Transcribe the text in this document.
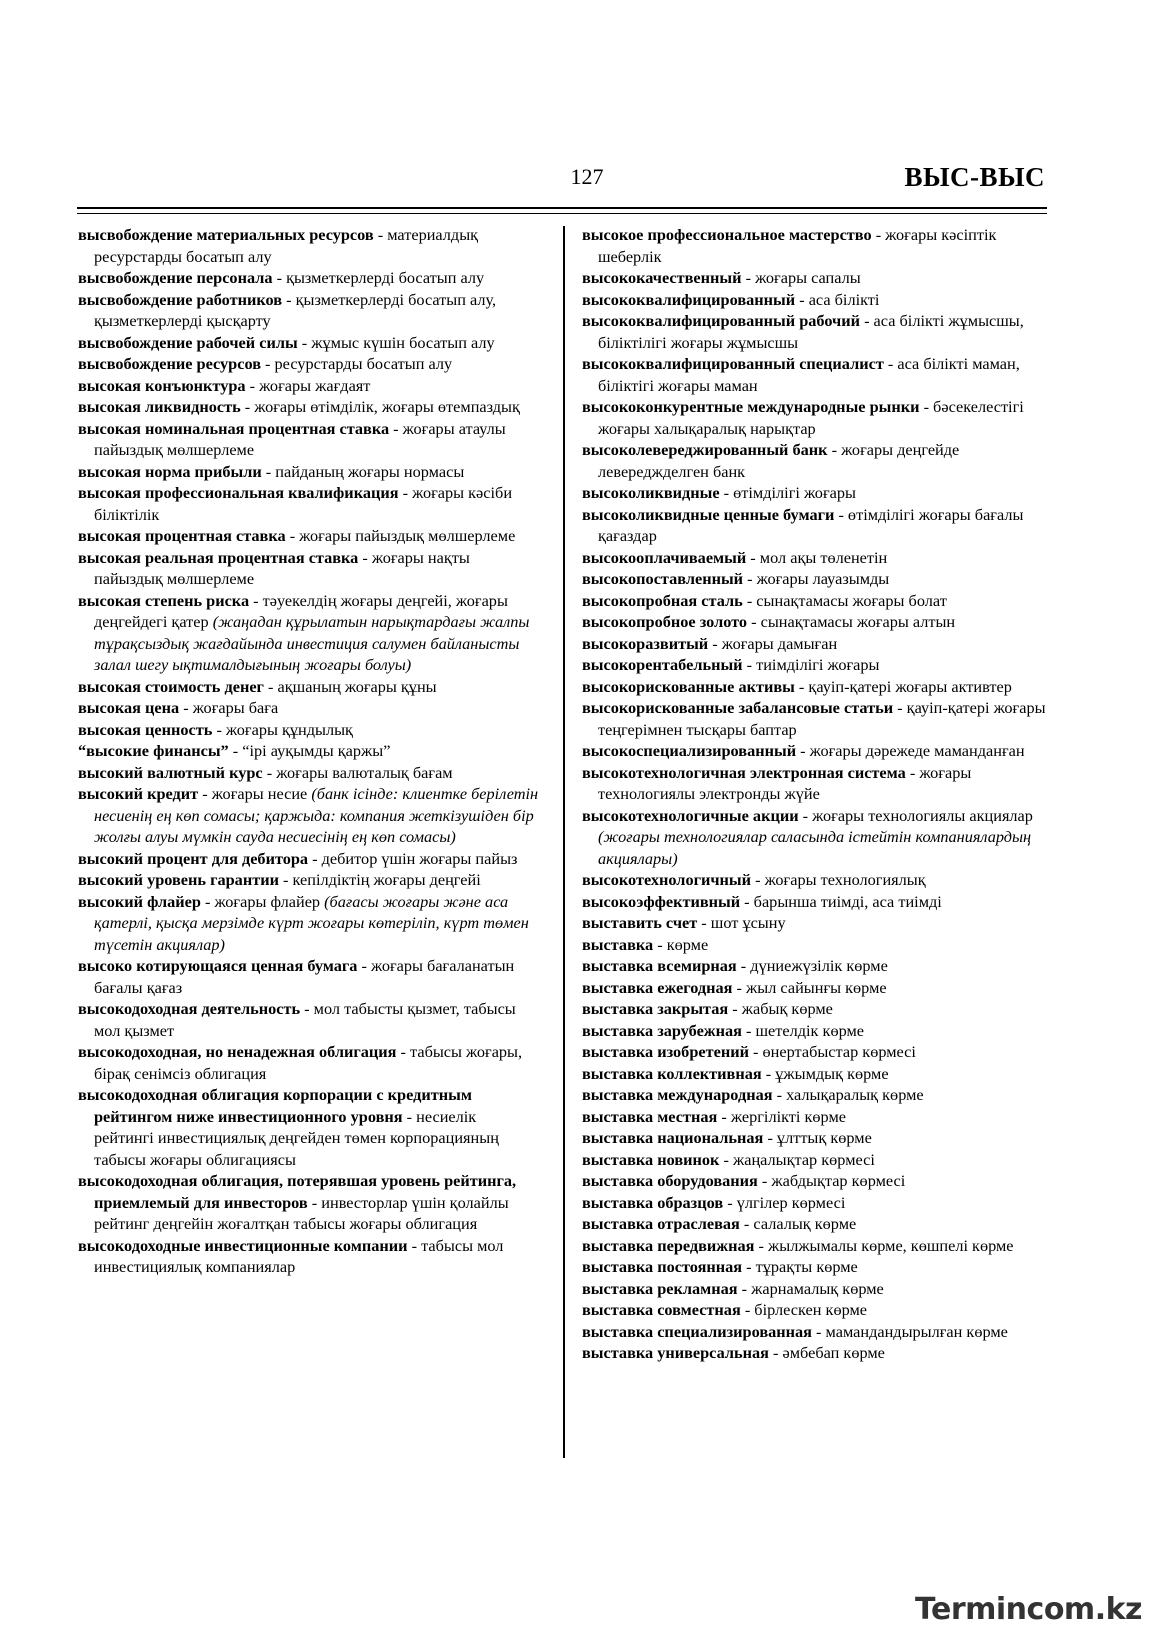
127	ВЫС-ВЫС

высвобождение материальных ресурсов - материалдық ресурстарды босатып алу

высвобождение персонала - қызметкерлерді босатып алу

высвобождение работников - қызметкерлерді босатып алу, қызметкерлерді қысқарту

высвобождение рабочей силы - жұмыс күшін босатып алу

высвобождение ресурсов - ресурстарды босатып алу

высокая конъюнктура - жоғары жағдаят

высокая ликвидность - жоғары өтімділік, жоғары өтемпаздық

высокая номинальная процентная ставка - жоғары атаулы пайыздық мөлшерлеме

высокая норма прибыли - пайданың жоғары нормасы

высокая профессиональная квалификация - жоғары кәсіби біліктілік

высокая процентная ставка - жоғары пайыздық мөлшерлеме

высокая реальная процентная ставка - жоғары нақты пайыздық мөлшерлеме

высокая степень риска - тәуекелдің жоғары деңгейі, жоғары деңгейдегі қатер (жаңадан құрылатын нарықтардағы жалпы тұрақсыздық жағдайында инвестиция салумен байланысты залал шегу ықтималдығының жоғары болуы)

высокая стоимость денег - ақшаның жоғары құны

высокая цена - жоғары баға

высокая ценность - жоғары құндылық

“высокие финансы” - “ірі ауқымды қаржы”

высокий валютный курс - жоғары валюталық бағам

высокий кредит - жоғары несие (банк ісінде: клиентке берілетін несиенің ең көп сомасы; қаржыда: компания жеткізушіден бір жолғы алуы мүмкін сауда несиесінің ең көп сомасы)

высокий процент для дебитора - дебитор үшін жоғары пайыз

высокий уровень гарантии - кепілдіктің жоғары деңгейі

высокий флайер - жоғары флайер (бағасы жоғары және аса қатерлі, қысқа мерзімде күрт жоғары көтеріліп, күрт төмен түсетін акциялар)

высоко котирующаяся ценная бумага - жоғары бағаланатын бағалы қағаз

высокодоходная деятельность - мол табысты қызмет, табысы мол қызмет

высокодоходная, но ненадежная облигация - табысы жоғары, бірақ сенімсіз облигация

высокодоходная облигация корпорации с кредитным рейтингом ниже инвестиционного уровня - несиелік рейтингі инвестициялық деңгейден төмен корпорацияның табысы жоғары облигациясы

высокодоходная облигация, потерявшая уровень рейтинга, приемлемый для инвесторов - инвесторлар үшін қолайлы рейтинг деңгейін жоғалтқан табысы жоғары облигация

высокодоходные инвестиционные компании - табысы мол инвестициялық компаниялар

высокое профессиональное мастерство - жоғары кәсіптік шеберлік

высококачественный - жоғары сапалы

высококвалифицированный - аса білікті

высококвалифицированный рабочий - аса білікті жұмысшы, біліктілігі жоғары жұмысшы

высококвалифицированный специалист - аса білікті маман, біліктігі жоғары маман

высококонкурентные международные рынки - бәсекелестігі жоғары халықаралық нарықтар

высоколевереджированный банк - жоғары деңгейде левереджделген банк

высоколиквидные - өтімділігі жоғары

высоколиквидные ценные бумаги - өтімділігі жоғары бағалы қағаздар

высокооплачиваемый - мол ақы төленетін

высокопоставленный - жоғары лауазымды

высокопробная сталь - сынақтамасы жоғары болат

высокопробное золото - сынақтамасы жоғары алтын

высокоразвитый - жоғары дамыған

высокорентабельный - тиімділігі жоғары

высокорискованные активы - қауіп-қатері жоғары активтер

высокорискованные забалансовые статьи - қауіп-қатері жоғары теңгерімнен тысқары баптар

высокоспециализированный - жоғары дәрежеде маманданған

высокотехнологичная электронная система - жоғары технологиялы электронды жүйе

высокотехнологичные акции - жоғары технологиялы акциялар (жоғары технологиялар саласында істейтін компаниялардың акциялары)

высокотехнологичный - жоғары технологиялық

высокоэффективный - барынша тиімді, аса тиімді

выставить счет - шот ұсыну

выставка - көрме

выставка всемирная - дүниежүзілік көрме

выставка ежегодная - жыл сайынғы көрме

выставка закрытая - жабық көрме

выставка зарубежная - шетелдік көрме

выставка изобретений - өнертабыстар көрмесі

выставка коллективная - ұжымдық көрме

выставка международная - халықаралық көрме

выставка местная - жергілікті көрме

выставка национальная - ұлттық көрме

выставка новинок - жаңалықтар көрмесі

выставка оборудования - жабдықтар көрмесі

выставка образцов - үлгілер көрмесі

выставка отраслевая - салалық көрме

выставка передвижная - жылжымалы көрме, көшпелі көрме

выставка постоянная - тұрақты көрме

выставка рекламная - жарнамалық көрме

выставка совместная - бірлескен көрме

выставка специализированная - мамандандырылған көрме

выставка универсальная - әмбебап көрме

Termincom.kz
